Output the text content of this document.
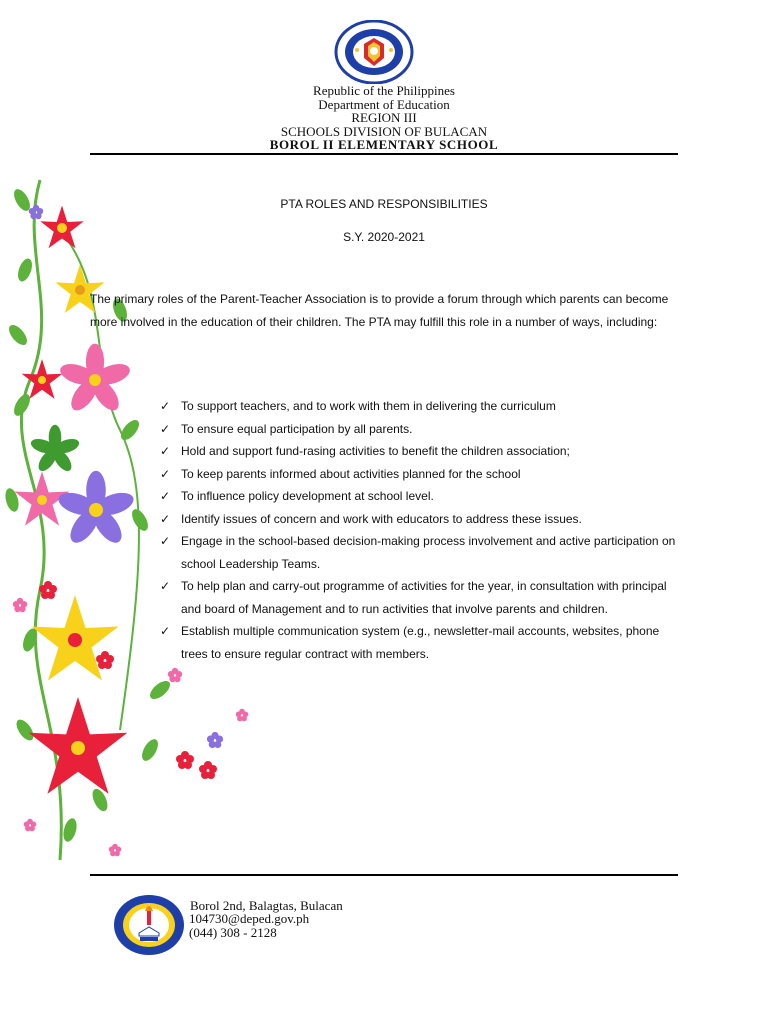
Republic of the Philippines
Department of Education
REGION III
SCHOOLS DIVISION OF BULACAN
BOROL II ELEMENTARY SCHOOL
PTA ROLES AND RESPONSIBILITIES
S.Y. 2020-2021

The primary roles of the Parent-Teacher Association is to provide a forum through which parents can become more involved in the education of their children. The PTA may fulfill this role in a number of ways, including:

✓ To support teachers, and to work with them in delivering the curriculum
✓ To ensure equal participation by all parents.
✓ Hold and support fund-rasing activities to benefit the children association;
✓ To keep parents informed about activities planned for the school
✓ To influence policy development at school level.
✓ Identify issues of concern and work with educators to address these issues.
✓ Engage in the school-based decision-making process involvement and active participation on school Leadership Teams.
✓ To help plan and carry-out programme of activities for the year, in consultation with principal and board of Management and to run activities that involve parents and children.
✓ Establish multiple communication system (e.g., newsletter-mail accounts, websites, phone trees to ensure regular contract with members.
Borol 2nd, Balagtas, Bulacan
104730@deped.gov.ph
(044) 308 - 2128
